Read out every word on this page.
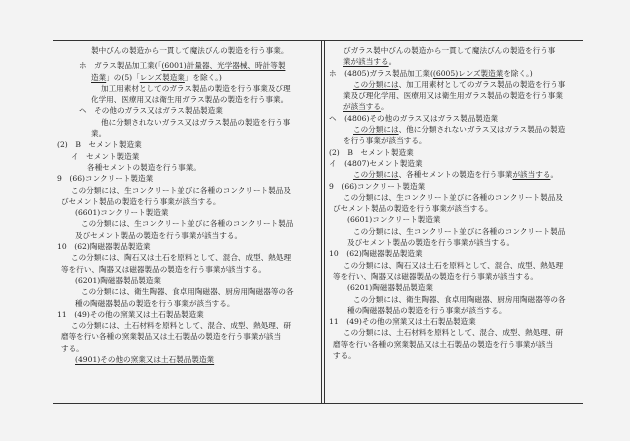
製中びんの製造から一貫して魔法びんの製造を行う事業。
ホ　ガラス製品加工業(「(6001)計量器、光学器械、時計等製
造業」の(5)「レンズ製造業」を除く。)
加工用素材としてのガラス製品の製造を行う事業及び理
化学用、医療用又は衛生用ガラス製品の製造を行う事業。
ヘ　その他のガラス又はガラス製品製造業
他に分類されないガラス又はガラス製品の製造を行う事
業。
(2)　B　セメント製造業
イ　セメント製造業
各種セメントの製造を行う事業。
9　(66)コンクリート製造業
この分類には、生コンクリート並びに各種のコンクリート製品及
びセメント製品の製造を行う事業が該当する。
(6601)コンクリート製造業
この分類には、生コンクリート並びに各種のコンクリート製品
及びセメント製品の製造を行う事業が該当する。
10　(62)陶磁器製品製造業
この分類には、陶石又は土石を原料として、混合、成型、熱処理
等を行い、陶器又は磁器製品の製造を行う事業が該当する。
(6201)陶磁器製品製造業
この分類には、衛生陶器、食卓用陶磁器、厨房用陶磁器等の各
種の陶磁器製品の製造を行う事業が該当する。
11　(49)その他の窯業又は土石製品製造業
この分類には、土石材料を原料として、混合、成型、熱処理、研
磨等を行い各種の窯業製品又は土石製品の製造を行う事業が該当
する。
(4901)その他の窯業又は土石製品製造業
びガラス製中びんの製造から一貫して魔法びんの製造を行う事
業が該当する。
ホ　(4805)ガラス製品加工業((6005)レンズ製造業を除く。)
この分類には、加工用素材としてのガラス製品の製造を行う事
業及び理化学用、医療用又は衛生用ガラス製品の製造を行う事業
が該当する。
ヘ　(4806)その他のガラス又はガラス製品製造業
この分類には、他に分類されないガラス又はガラス製品の製造
を行う事業が該当する。
(2)　B　セメント製造業
イ　(4807)セメント製造業
この分類には、各種セメントの製造を行う事業が該当する。
9　(66)コンクリート製造業
この分類には、生コンクリート並びに各種のコンクリート製品及
びセメント製品の製造を行う事業が該当する。
(6601)コンクリート製造業
この分類には、生コンクリート並びに各種のコンクリート製品
及びセメント製品の製造を行う事業が該当する。
10　(62)陶磁器製品製造業
この分類には、陶石又は土石を原料として、混合、成型、熱処理
等を行い、陶器又は磁器製品の製造を行う事業が該当する。
(6201)陶磁器製品製造業
この分類には、衛生陶器、食卓用陶磁器、厨房用陶磁器等の各
種の陶磁器製品の製造を行う事業が該当する。
11　(49)その他の窯業又は土石製品製造業
この分類には、土石材料を原料として、混合、成型、熱処理、研
磨等を行い各種の窯業製品又は土石製品の製造を行う事業が該当
する。
